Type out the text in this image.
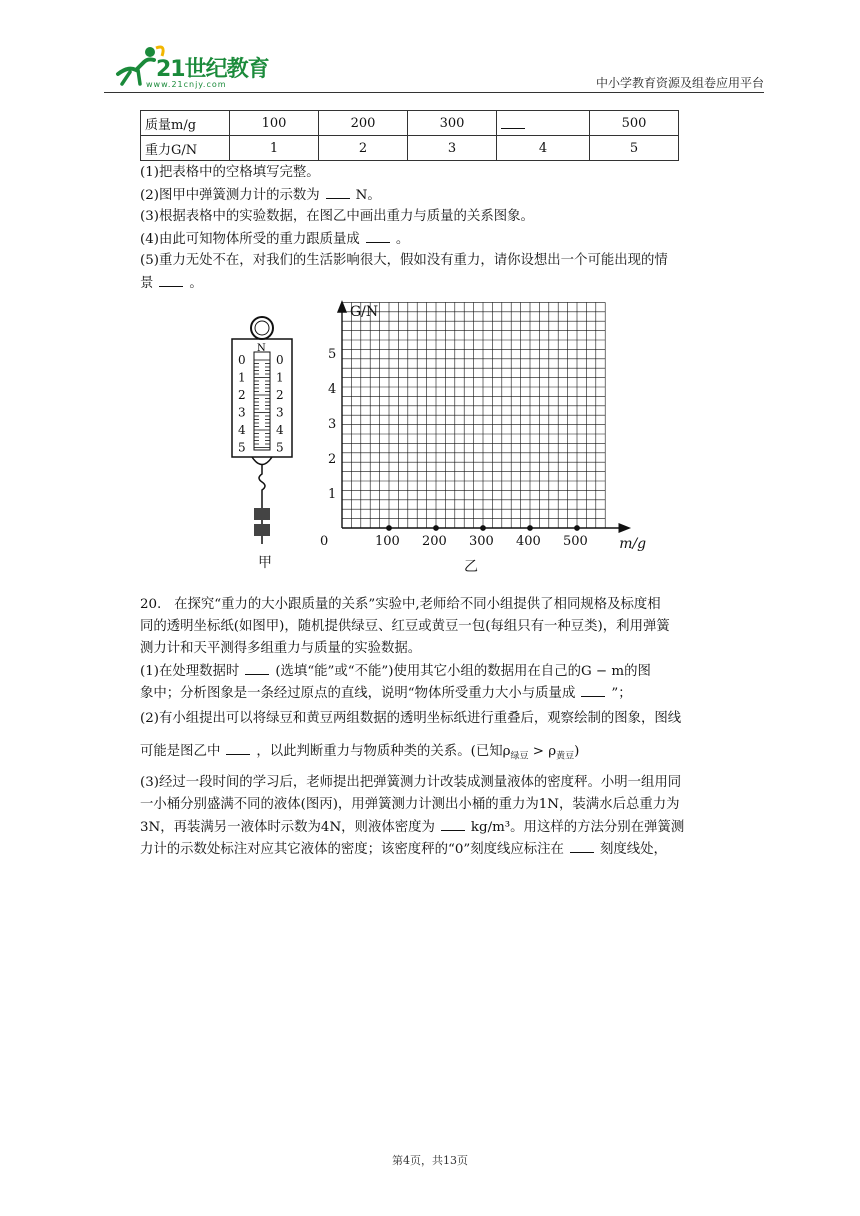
21世纪教育
www.21cnjy.com	中小学教育资源及组卷应用平台
质量m/g	100	200	300		500
重力G/N	1	2	3	4	5
(1)把表格中的空格填写完整。
(2)图甲中弹簧测力计的示数为	N。
(3)根据表格中的实验数据，在图乙中画出重力与质量的关系图象。
(4)由此可知物体所受的重力跟质量成	。
(5)重力无处不在，对我们的生活影响很大，假如没有重力，请你设想出一个可能出现的情
景	。
0
1
2
3
4
5
0
1
2
3
4
5
N
甲
G/N
m/g
1
2
3
4
5
0	100 200 300 400 500
乙
20. 在探究“重力的大小跟质量的关系”实验中,老师给不同小组提供了相同规格及标度相
同的透明坐标纸(如图甲)，随机提供绿豆、红豆或黄豆一包(每组只有一种豆类)，利用弹簧
测力计和天平测得多组重力与质量的实验数据。
(1)在处理数据时	(选填“能”或“不能”)使用其它小组的数据用在自己的G − m的图
象中；分析图象是一条经过原点的直线，说明“物体所受重力大小与质量成	”；
(2)有小组提出可以将绿豆和黄豆两组数据的透明坐标纸进行重叠后，观察绘制的图象，图线
可能是图乙中	，以此判断重力与物质种类的关系。(已知$\rho_{绿豆} > \rho_{黄豆}$)
(3)经过一段时间的学习后，老师提出把弹簧测力计改装成测量液体的密度秤。小明一组用同
一小桶分别盛满不同的液体(图丙)，用弹簧测力计测出小桶的重力为1N，装满水后总重力为
3N，再装满另一液体时示数为4N，则液体密度为	kg/m³。用这样的方法分别在弹簧测
力计的示数处标注对应其它液体的密度；该密度秤的“0”刻度线应标注在	刻度线处，
第4页，共13页
